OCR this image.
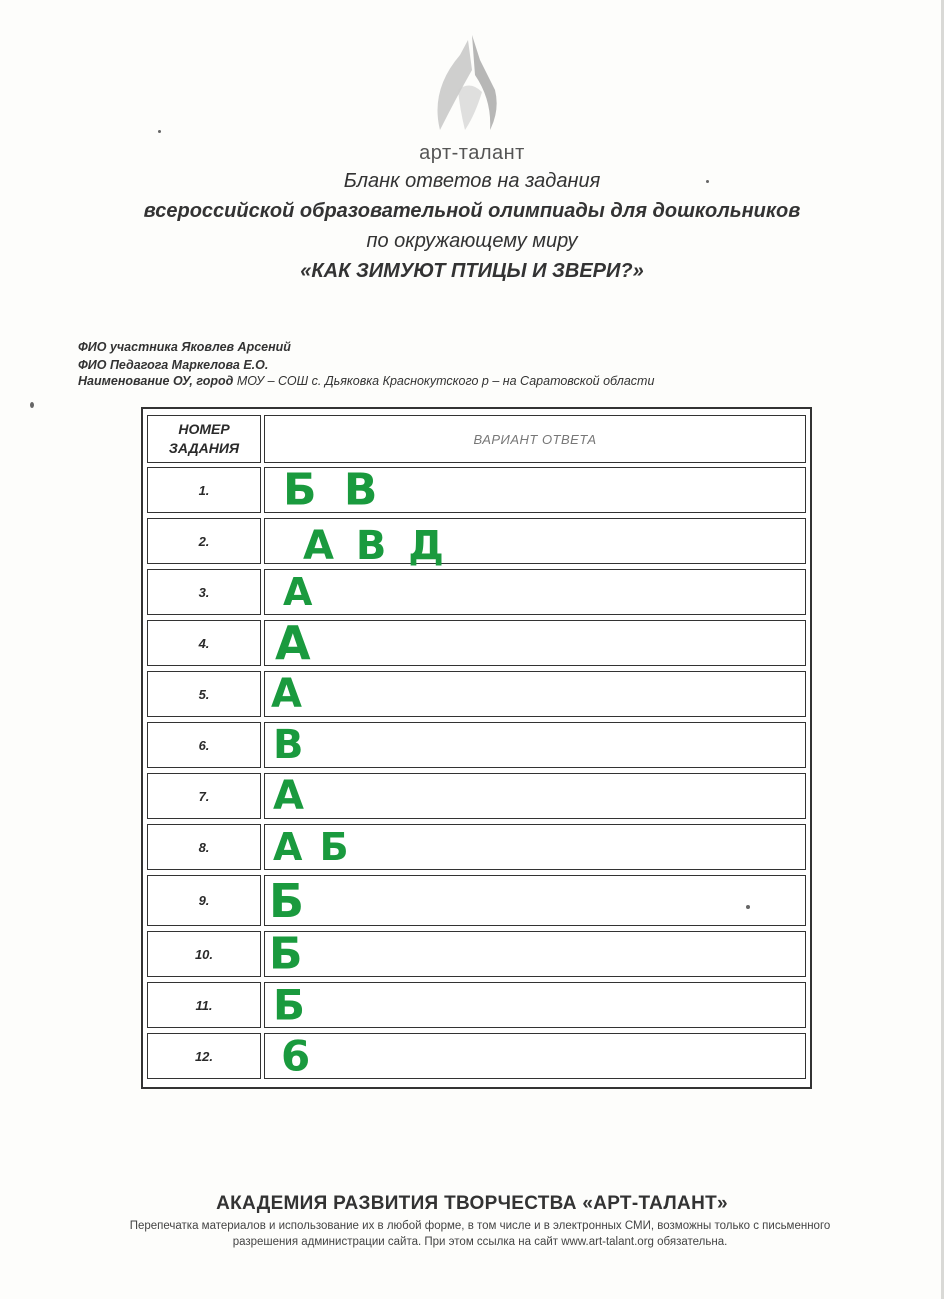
арт-талант
Бланк ответов на задания
всероссийской образовательной олимпиады для дошкольников
по окружающему миру
«КАК ЗИМУЮТ ПТИЦЫ И ЗВЕРИ?»
ФИО участника Яковлев Арсений
ФИО Педагога Маркелова Е.О.
Наименование ОУ, город МОУ – СОШ с. Дьяковка Краснокутского р – на Саратовской области
НОМЕР
ЗАДАНИЯ
ВАРИАНТ ОТВЕТА
1.	Б В
2.	А В Д
3.	А
4.	А
5.	А
6.	В
7.	А
8.	А Б
9.	Б
10.	Б
11.	Б
12.	6
АКАДЕМИЯ РАЗВИТИЯ ТВОРЧЕСТВА «АРТ-ТАЛАНТ»
Перепечатка материалов и использование их в любой форме, в том числе и в электронных СМИ, возможны только с письменного разрешения администрации сайта. При этом ссылка на сайт www.art-talant.org обязательна.
